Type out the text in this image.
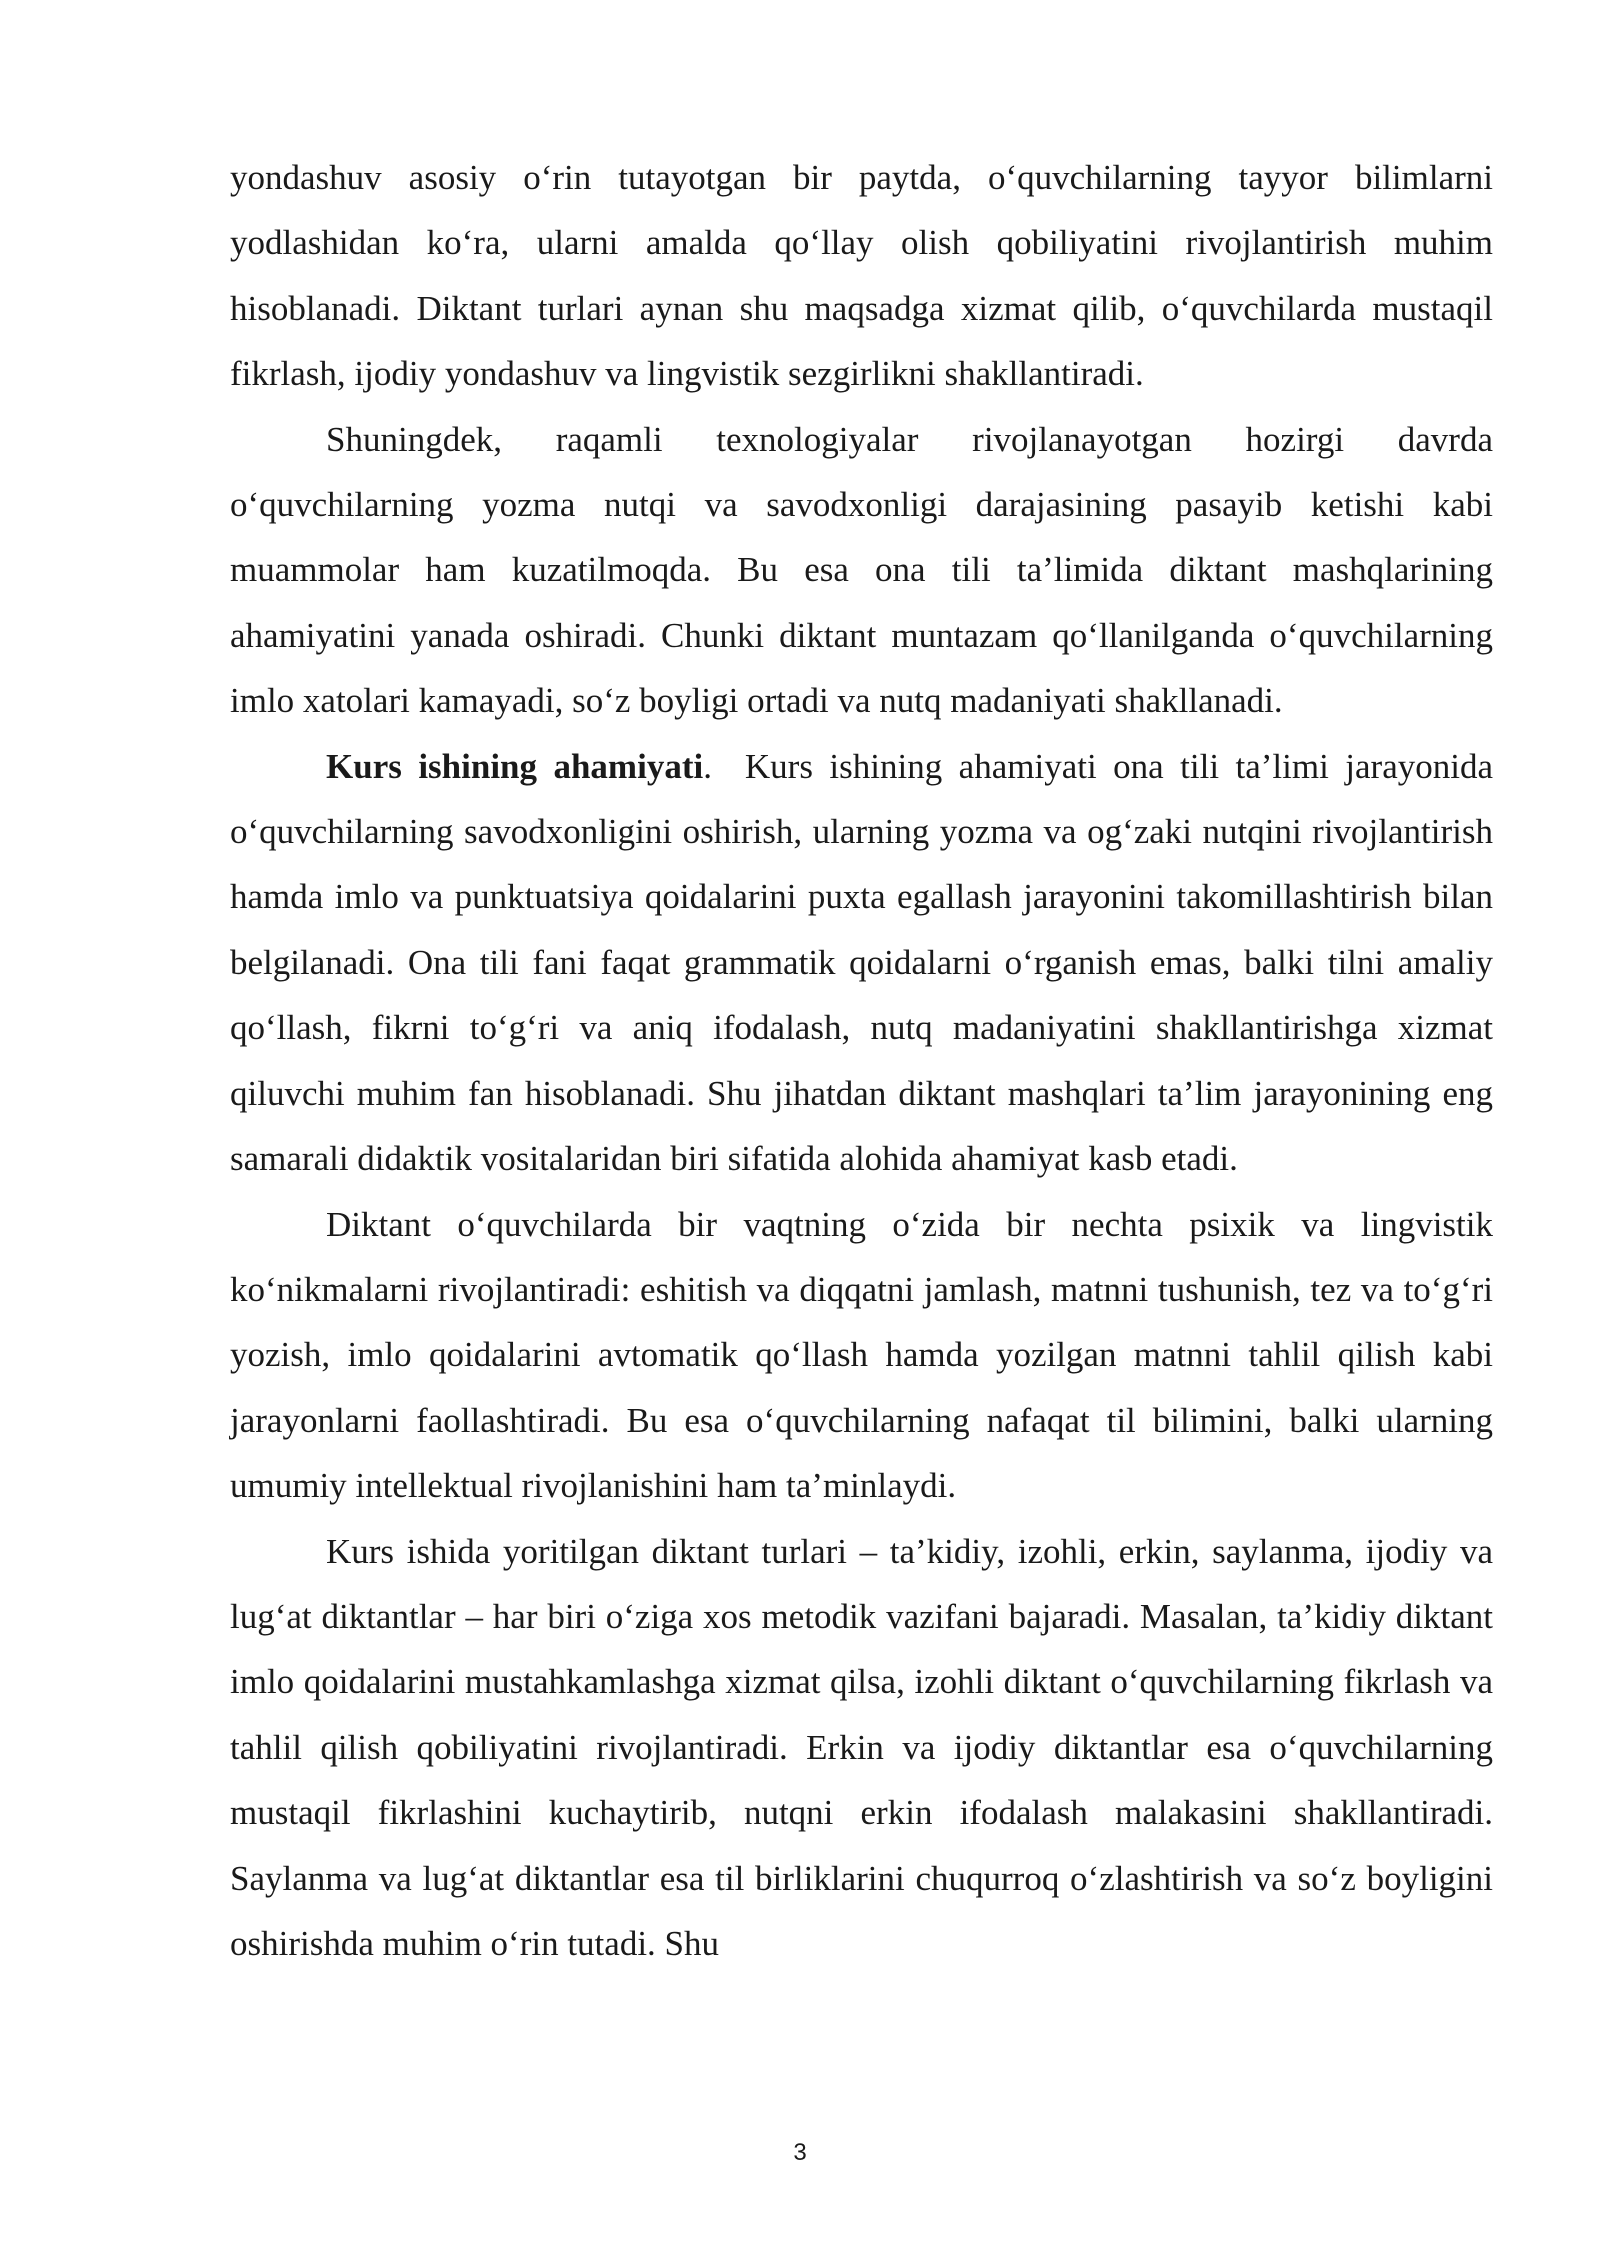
yondashuv asosiy o‘rin tutayotgan bir paytda, o‘quvchilarning tayyor bilimlarni yodlashidan ko‘ra, ularni amalda qo‘llay olish qobiliyatini rivojlantirish muhim hisoblanadi. Diktant turlari aynan shu maqsadga xizmat qilib, o‘quvchilarda mustaqil fikrlash, ijodiy yondashuv va lingvistik sezgirlikni shakllantiradi.

Shuningdek, raqamli texnologiyalar rivojlanayotgan hozirgi davrda o‘quvchilarning yozma nutqi va savodxonligi darajasining pasayib ketishi kabi muammolar ham kuzatilmoqda. Bu esa ona tili ta’limida diktant mashqlarining ahamiyatini yanada oshiradi. Chunki diktant muntazam qo‘llanilganda o‘quvchilarning imlo xatolari kamayadi, so‘z boyligi ortadi va nutq madaniyati shakllanadi.

Kurs ishining ahamiyati. Kurs ishining ahamiyati ona tili ta’limi jarayonida o‘quvchilarning savodxonligini oshirish, ularning yozma va og‘zaki nutqini rivojlantirish hamda imlo va punktuatsiya qoidalarini puxta egallash jarayonini takomillashtirish bilan belgilanadi. Ona tili fani faqat grammatik qoidalarni o‘rganish emas, balki tilni amaliy qo‘llash, fikrni to‘g‘ri va aniq ifodalash, nutq madaniyatini shakllantirishga xizmat qiluvchi muhim fan hisoblanadi. Shu jihatdan diktant mashqlari ta’lim jarayonining eng samarali didaktik vositalaridan biri sifatida alohida ahamiyat kasb etadi.

Diktant o‘quvchilarda bir vaqtning o‘zida bir nechta psixik va lingvistik ko‘nikmalarni rivojlantiradi: eshitish va diqqatni jamlash, matnni tushunish, tez va to‘g‘ri yozish, imlo qoidalarini avtomatik qo‘llash hamda yozilgan matnni tahlil qilish kabi jarayonlarni faollashtiradi. Bu esa o‘quvchilarning nafaqat til bilimini, balki ularning umumiy intellektual rivojlanishini ham ta’minlaydi.

Kurs ishida yoritilgan diktant turlari – ta’kidiy, izohli, erkin, saylanma, ijodiy va lug‘at diktantlar – har biri o‘ziga xos metodik vazifani bajaradi. Masalan, ta’kidiy diktant imlo qoidalarini mustahkamlashga xizmat qilsa, izohli diktant o‘quvchilarning fikrlash va tahlil qilish qobiliyatini rivojlantiradi. Erkin va ijodiy diktantlar esa o‘quvchilarning mustaqil fikrlashini kuchaytirib, nutqni erkin ifodalash malakasini shakllantiradi. Saylanma va lug‘at diktantlar esa til birliklarini chuqurroq o‘zlashtirish va so‘z boyligini oshirishda muhim o‘rin tutadi. Shu

3
